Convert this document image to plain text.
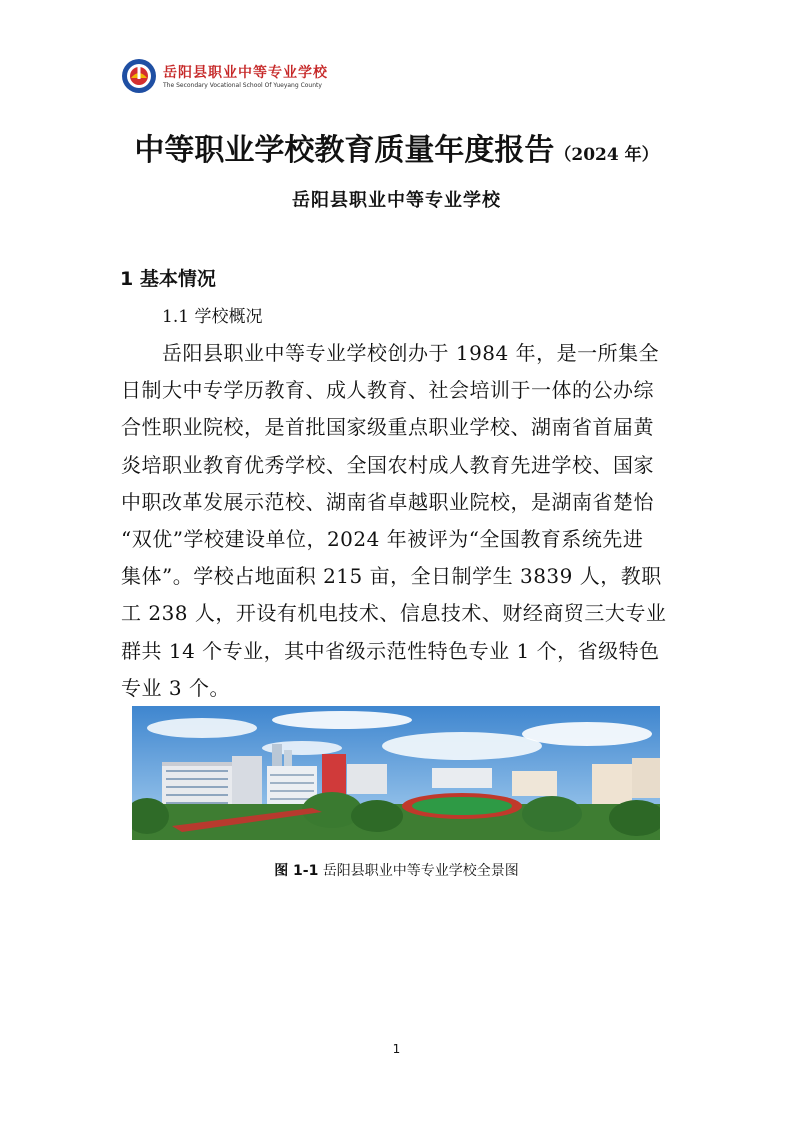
岳阳县职业中等专业学校
The Secondary Vocational School Of Yueyang County
中等职业学校教育质量年度报告（2024 年）
岳阳县职业中等专业学校
1 基本情况
1.1 学校概况
岳阳县职业中等专业学校创办于 1984 年，是一所集全
日制大中专学历教育、成人教育、社会培训于一体的公办综
合性职业院校，是首批国家级重点职业学校、湖南省首届黄
炎培职业教育优秀学校、全国农村成人教育先进学校、国家
中职改革发展示范校、湖南省卓越职业院校，是湖南省楚怡
“双优”学校建设单位，2024 年被评为“全国教育系统先进
集体”。学校占地面积 215 亩，全日制学生 3839 人，教职
工 238 人，开设有机电技术、信息技术、财经商贸三大专业
群共 14 个专业，其中省级示范性特色专业 1 个，省级特色
专业 3 个。
图 1-1 岳阳县职业中等专业学校全景图
1
